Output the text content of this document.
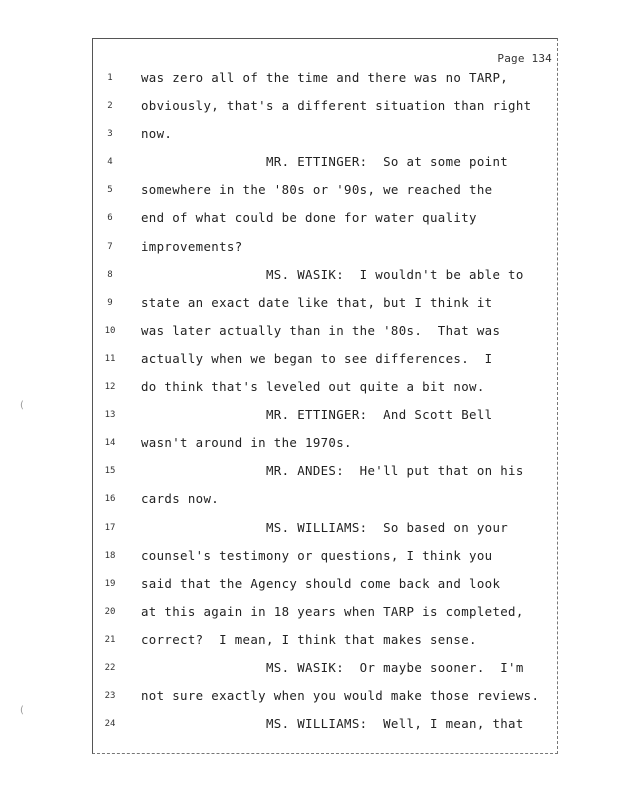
Page 134
1	was zero all of the time and there was no TARP,
2	obviously, that's a different situation than right
3	now.
4	MR. ETTINGER:  So at some point
5	somewhere in the '80s or '90s, we reached the
6	end of what could be done for water quality
7	improvements?
8	MS. WASIK:  I wouldn't be able to
9	state an exact date like that, but I think it
10	was later actually than in the '80s.  That was
11	actually when we began to see differences.  I
12	do think that's leveled out quite a bit now.
13	MR. ETTINGER:  And Scott Bell
14	wasn't around in the 1970s.
15	MR. ANDES:  He'll put that on his
16	cards now.
17	MS. WILLIAMS:  So based on your
18	counsel's testimony or questions, I think you
19	said that the Agency should come back and look
20	at this again in 18 years when TARP is completed,
21	correct?  I mean, I think that makes sense.
22	MS. WASIK:  Or maybe sooner.  I'm
23	not sure exactly when you would make those reviews.
24	MS. WILLIAMS:  Well, I mean, that
(
(
